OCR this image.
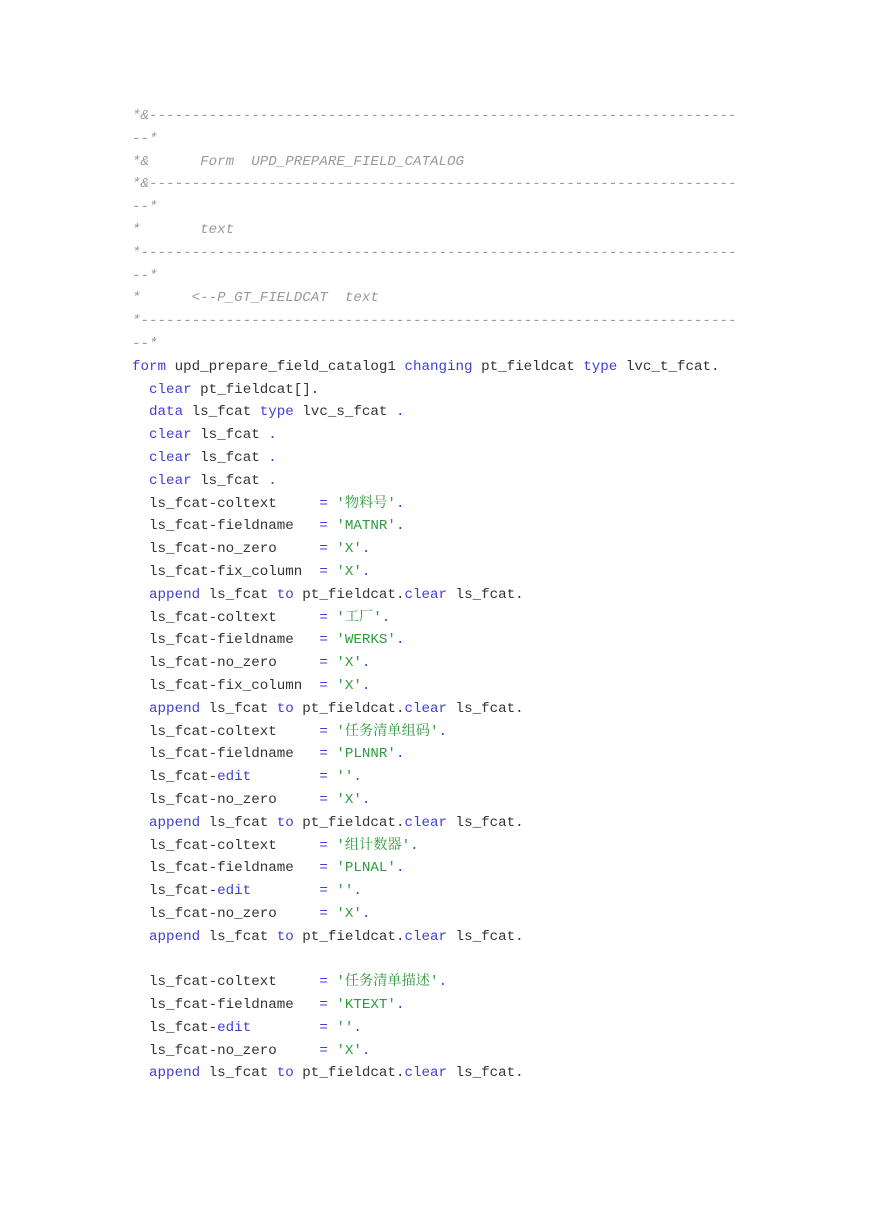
*&---------------------------------------------------------------------
--*
*&      Form  UPD_PREPARE_FIELD_CATALOG
*&---------------------------------------------------------------------
--*
*       text
*----------------------------------------------------------------------
--*
*      <--P_GT_FIELDCAT  text
*----------------------------------------------------------------------
--*
form upd_prepare_field_catalog1 changing pt_fieldcat type lvc_t_fcat.
clear pt_fieldcat[].
data ls_fcat type lvc_s_fcat .
clear ls_fcat .
clear ls_fcat .
clear ls_fcat .
ls_fcat-coltext     = '物料号'.
ls_fcat-fieldname   = 'MATNR'.
ls_fcat-no_zero     = 'X'.
ls_fcat-fix_column  = 'X'.
append ls_fcat to pt_fieldcat.clear ls_fcat.
ls_fcat-coltext     = '工厂'.
ls_fcat-fieldname   = 'WERKS'.
ls_fcat-no_zero     = 'X'.
ls_fcat-fix_column  = 'X'.
append ls_fcat to pt_fieldcat.clear ls_fcat.
ls_fcat-coltext     = '任务清单组码'.
ls_fcat-fieldname   = 'PLNNR'.
ls_fcat-edit	= ''.
ls_fcat-no_zero     = 'X'.
append ls_fcat to pt_fieldcat.clear ls_fcat.
ls_fcat-coltext     = '组计数器'.
ls_fcat-fieldname   = 'PLNAL'.
ls_fcat-edit	= ''.
ls_fcat-no_zero     = 'X'.
append ls_fcat to pt_fieldcat.clear ls_fcat.
ls_fcat-coltext     = '任务清单描述'.
ls_fcat-fieldname   = 'KTEXT'.
ls_fcat-edit	= ''.
ls_fcat-no_zero     = 'X'.
append ls_fcat to pt_fieldcat.clear ls_fcat.
